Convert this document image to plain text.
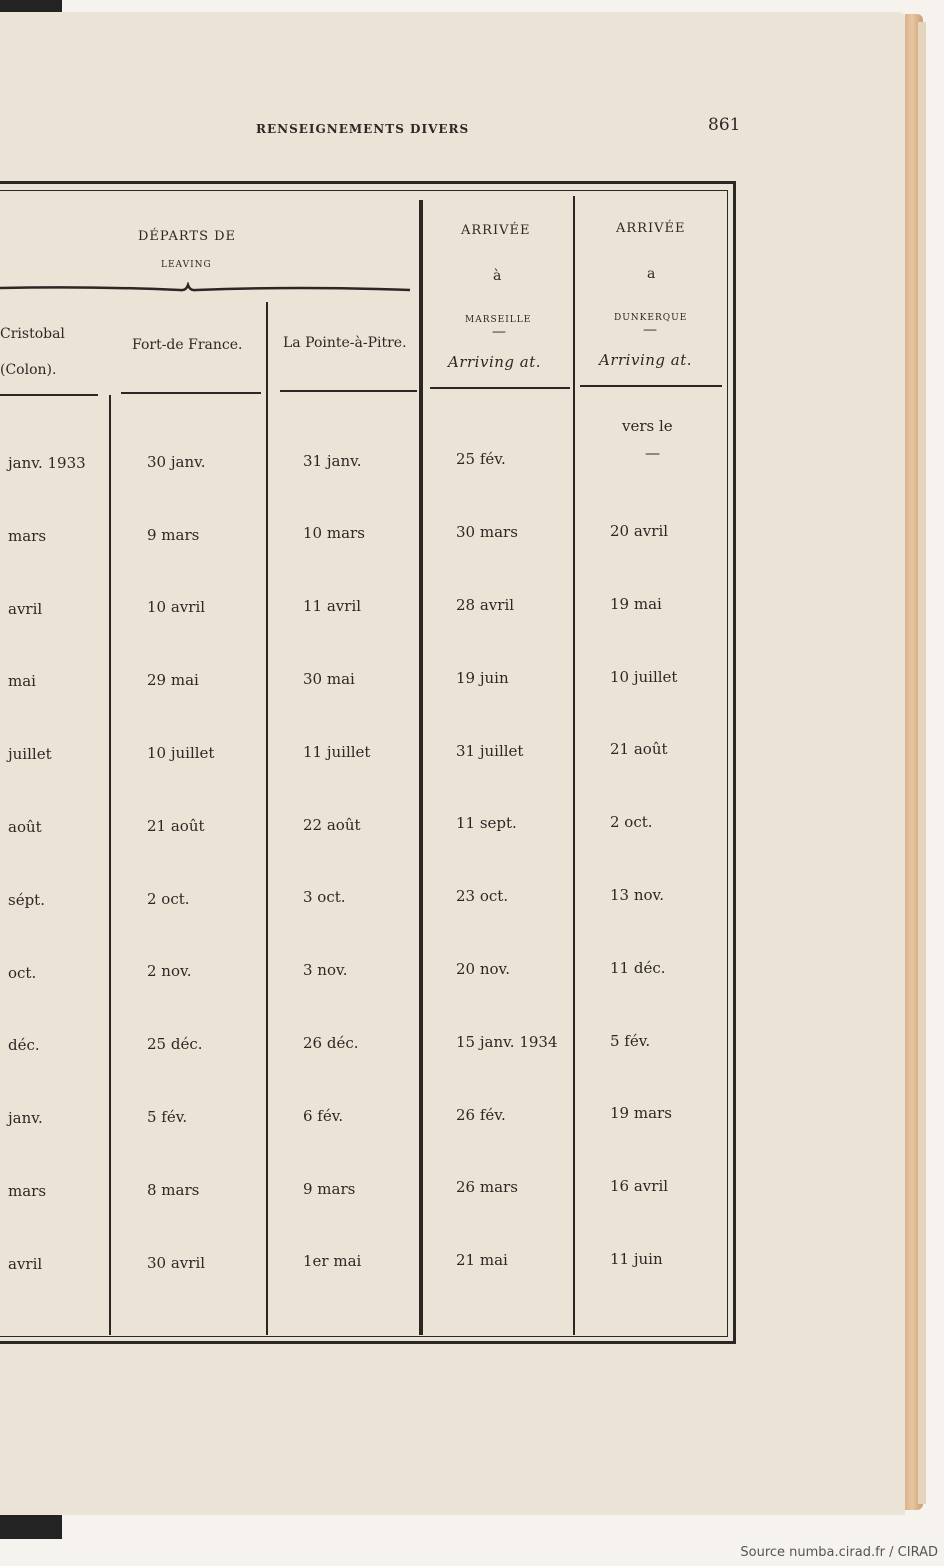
RENSEIGNEMENTS DIVERS	861
DÉPARTS DE
LEAVING
ARRIVÉE
à
MARSEILLE
—
Arriving at.
ARRIVÉE
a
DUNKERQUE
—
Arriving at.
Cristobal
(Colon).
Fort-de France.	La Pointe-à-Pitre.
vers le
—
janv. 1933	30 janv.	31 janv.	25 fév.
mars	9 mars	10 mars	30 mars	20 avril
avril	10 avril	11 avril	28 avril	19 mai
mai	29 mai	30 mai	19 juin	10 juillet
juillet	10 juillet	11 juillet	31 juillet	21 août
août	21 août	22 août	11 sept.	2 oct.
sépt.	2 oct.	3 oct.	23 oct.	13 nov.
oct.	2 nov.	3 nov.	20 nov.	11 déc.
déc.	25 déc.	26 déc.	15 janv. 1934	5 fév.
janv.	5 fév.	6 fév.	26 fév.	19 mars
mars	8 mars	9 mars	26 mars	16 avril
avril	30 avril	1er mai	21 mai	11 juin
Source numba.cirad.fr / CIRAD
